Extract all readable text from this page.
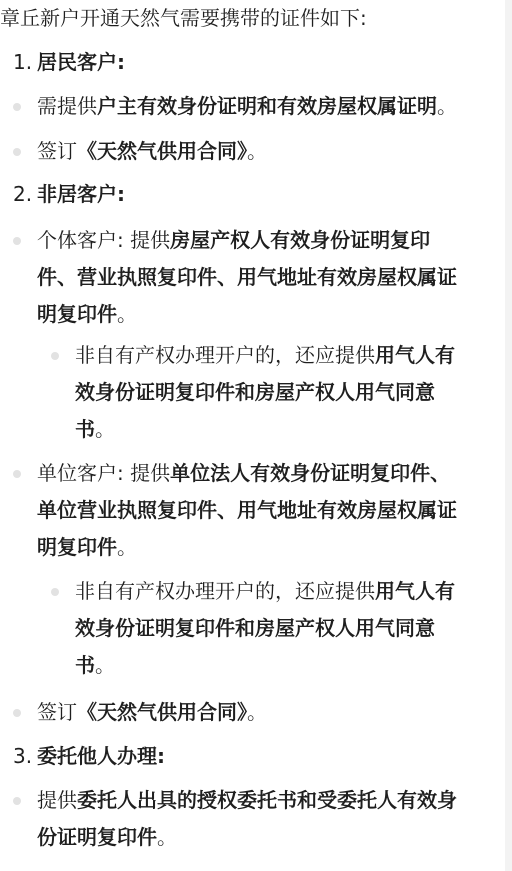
章丘新户开通天然气需要携带的证件如下:
1. 居民客户:
需提供户主有效身份证明和有效房屋权属证明。
签订《天然气供用合同》。
2. 非居客户:
个体客户: 提供房屋产权人有效身份证明复印
件、营业执照复印件、用气地址有效房屋权属证
明复印件。
非自有产权办理开户的，还应提供用气人有
效身份证明复印件和房屋产权人用气同意
书。
单位客户: 提供单位法人有效身份证明复印件、
单位营业执照复印件、用气地址有效房屋权属证
明复印件。
非自有产权办理开户的，还应提供用气人有
效身份证明复印件和房屋产权人用气同意
书。
签订《天然气供用合同》。
3. 委托他人办理:
提供委托人出具的授权委托书和受委托人有效身
份证明复印件。
